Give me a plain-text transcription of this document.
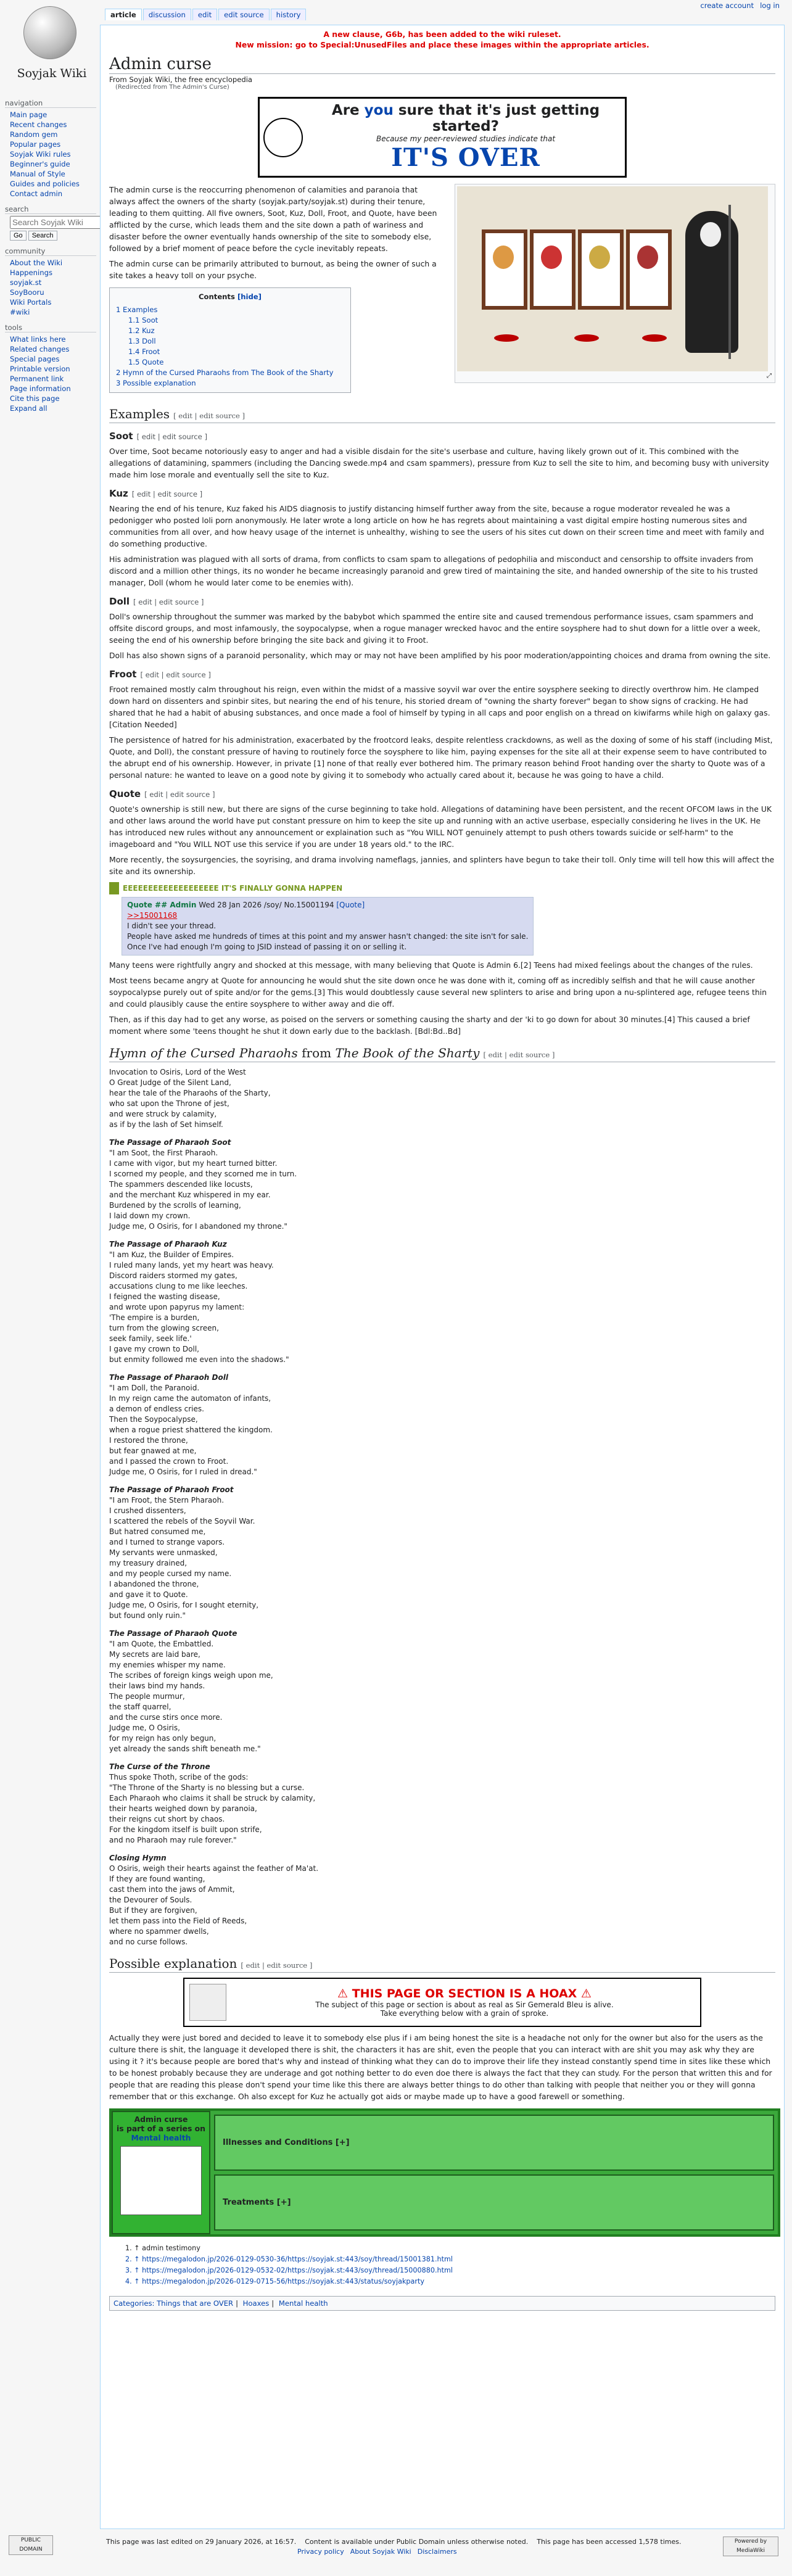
Soyjak Wiki
create account log in
article	discussion	edit	edit source	history
navigation
Main page
Recent changes
Random gem
Popular pages
Soyjak Wiki rules
Beginner's guide
Manual of Style
Guides and policies
Contact admin
search
Search Soyjak Wiki
Go	Search
community
About the Wiki
Happenings
soyjak.st
SoyBooru
Wiki Portals
#wiki
tools
What links here
Related changes
Special pages
Printable version
Permanent link
Page information
Cite this page
Expand all
A new clause, G6b, has been added to the wiki ruleset.
New mission: go to Special:UnusedFiles and place these images within the appropriate articles.
Admin curse
From Soyjak Wiki, the free encyclopedia
(Redirected from The Admin's Curse)
Are you sure that it's just getting started?
Because my peer-reviewed studies indicate that
IT'S OVER
⤢

The admin curse is the reoccurring phenomenon of calamities and paranoia that always affect the owners of the sharty (soyjak.party/soyjak.st) during their tenure, leading to them quitting. All five owners, Soot, Kuz, Doll, Froot, and Quote, have been afflicted by the curse, which leads them and the site down a path of wariness and disaster before the owner eventually hands ownership of the site to somebody else, followed by a brief moment of peace before the cycle inevitably repeats.

The admin curse can be primarily attributed to burnout, as being the owner of such a site takes a heavy toll on your psyche.

Contents [hide]
1 Examples
1.1 Soot
1.2 Kuz
1.3 Doll
1.4 Froot
1.5 Quote
2 Hymn of the Cursed Pharaohs from The Book of the Sharty
3 Possible explanation
Examples [ edit | edit source ]
Soot [ edit | edit source ]

Over time, Soot became notoriously easy to anger and had a visible disdain for the site's userbase and culture, having likely grown out of it. This combined with the allegations of datamining, spammers (including the Dancing swede.mp4 and csam spammers), pressure from Kuz to sell the site to him, and becoming busy with university made him lose morale and eventually sell the site to Kuz.

Kuz [ edit | edit source ]

Nearing the end of his tenure, Kuz faked his AIDS diagnosis to justify distancing himself further away from the site, because a rogue moderator revealed he was a pedonigger who posted loli porn anonymously. He later wrote a long article on how he has regrets about maintaining a vast digital empire hosting numerous sites and communities from all over, and how heavy usage of the internet is unhealthy, wishing to see the users of his sites cut down on their screen time and meet with family and do something productive.

His administration was plagued with all sorts of drama, from conflicts to csam spam to allegations of pedophilia and misconduct and censorship to offsite invaders from discord and a million other things, its no wonder he became increasingly paranoid and grew tired of maintaining the site, and handed ownership of the site to his trusted manager, Doll (whom he would later come to be enemies with).

Doll [ edit | edit source ]

Doll's ownership throughout the summer was marked by the babybot which spammed the entire site and caused tremendous performance issues, csam spammers and offsite discord groups, and most infamously, the soypocalypse, when a rogue manager wrecked havoc and the entire soysphere had to shut down for a little over a week, seeing the end of his ownership before bringing the site back and giving it to Froot.

Doll has also shown signs of a paranoid personality, which may or may not have been amplified by his poor moderation/appointing choices and drama from owning the site.

Froot [ edit | edit source ]

Froot remained mostly calm throughout his reign, even within the midst of a massive soyvil war over the entire soysphere seeking to directly overthrow him. He clamped down hard on dissenters and spinbir sites, but nearing the end of his tenure, his storied dream of "owning the sharty forever" began to show signs of cracking. He had shared that he had a habit of abusing substances, and once made a fool of himself by typing in all caps and poor english on a thread on kiwifarms while high on galaxy gas. [Citation Needed]

The persistence of hatred for his administration, exacerbated by the frootcord leaks, despite relentless crackdowns, as well as the doxing of some of his staff (including Mist, Quote, and Doll), the constant pressure of having to routinely force the soysphere to like him, paying expenses for the site all at their expense seem to have contributed to the abrupt end of his ownership. However, in private [1] none of that really ever bothered him. The primary reason behind Froot handing over the sharty to Quote was of a personal nature: he wanted to leave on a good note by giving it to somebody who actually cared about it, because he was going to have a child.

Quote [ edit | edit source ]

Quote's ownership is still new, but there are signs of the curse beginning to take hold. Allegations of datamining have been persistent, and the recent OFCOM laws in the UK and other laws around the world have put constant pressure on him to keep the site up and running with an active userbase, especially considering he lives in the UK. He has introduced new rules without any announcement or explaination such as "You WILL NOT genuinely attempt to push others towards suicide or self-harm" to the imageboard and "You WILL NOT use this service if you are under 18 years old." to the IRC.

More recently, the soysurgencies, the soyrising, and drama involving nameflags, jannies, and splinters have begun to take their toll. Only time will tell how this will affect the site and its ownership.

EEEEEEEEEEEEEEEEEEE IT'S FINALLY GONNA HAPPEN
Quote ## Admin Wed 28 Jan 2026 /soy/ No.15001194 [Quote]
>>15001168
I didn't see your thread.
People have asked me hundreds of times at this point and my answer hasn't changed: the site isn't for sale.
Once I've had enough I'm going to JSID instead of passing it on or selling it.

Many teens were rightfully angry and shocked at this message, with many believing that Quote is Admin 6.[2] Teens had mixed feelings about the changes of the rules.

Most teens became angry at Quote for announcing he would shut the site down once he was done with it, coming off as incredibly selfish and that he will cause another soypocalypse purely out of spite and/or for the gems.[3] This would doubtlessly cause several new splinters to arise and bring upon a nu-splintered age, refugee teens thin and could plausibly cause the entire soysphere to wither away and die off.

Then, as if this day had to get any worse, as poised on the servers or something causing the sharty and der 'ki to go down for about 30 minutes.[4] This caused a brief moment where some 'teens thought he shut it down early due to the backlash. [Bdl:Bd..Bd]

Hymn of the Cursed Pharaohs from The Book of the Sharty [ edit | edit source ]
Invocation to Osiris, Lord of the West
O Great Judge of the Silent Land,
hear the tale of the Pharaohs of the Sharty,
who sat upon the Throne of jest,
and were struck by calamity,
as if by the lash of Set himself.
The Passage of Pharaoh Soot
"I am Soot, the First Pharaoh.
I came with vigor, but my heart turned bitter.
I scorned my people, and they scorned me in turn.
The spammers descended like locusts,
and the merchant Kuz whispered in my ear.
Burdened by the scrolls of learning,
I laid down my crown.
Judge me, O Osiris, for I abandoned my throne."
The Passage of Pharaoh Kuz
"I am Kuz, the Builder of Empires.
I ruled many lands, yet my heart was heavy.
Discord raiders stormed my gates,
accusations clung to me like leeches.
I feigned the wasting disease,
and wrote upon papyrus my lament:
'The empire is a burden,
turn from the glowing screen,
seek family, seek life.'
I gave my crown to Doll,
but enmity followed me even into the shadows."
The Passage of Pharaoh Doll
"I am Doll, the Paranoid.
In my reign came the automaton of infants,
a demon of endless cries.
Then the Soypocalypse,
when a rogue priest shattered the kingdom.
I restored the throne,
but fear gnawed at me,
and I passed the crown to Froot.
Judge me, O Osiris, for I ruled in dread."
The Passage of Pharaoh Froot
"I am Froot, the Stern Pharaoh.
I crushed dissenters,
I scattered the rebels of the Soyvil War.
But hatred consumed me,
and I turned to strange vapors.
My servants were unmasked,
my treasury drained,
and my people cursed my name.
I abandoned the throne,
and gave it to Quote.
Judge me, O Osiris, for I sought eternity,
but found only ruin."
The Passage of Pharaoh Quote
"I am Quote, the Embattled.
My secrets are laid bare,
my enemies whisper my name.
The scribes of foreign kings weigh upon me,
their laws bind my hands.
The people murmur,
the staff quarrel,
and the curse stirs once more.
Judge me, O Osiris,
for my reign has only begun,
yet already the sands shift beneath me."
The Curse of the Throne
Thus spoke Thoth, scribe of the gods:
"The Throne of the Sharty is no blessing but a curse.
Each Pharaoh who claims it shall be struck by calamity,
their hearts weighed down by paranoia,
their reigns cut short by chaos.
For the kingdom itself is built upon strife,
and no Pharaoh may rule forever."
Closing Hymn
O Osiris, weigh their hearts against the feather of Ma'at.
If they are found wanting,
cast them into the jaws of Ammit,
the Devourer of Souls.
But if they are forgiven,
let them pass into the Field of Reeds,
where no spammer dwells,
and no curse follows.
Possible explanation [ edit | edit source ]
⚠ THIS PAGE OR SECTION IS A HOAX ⚠
The subject of this page or section is about as real as Sir Gemerald Bleu is alive.
Take everything below with a grain of sproke.

Actually they were just bored and decided to leave it to somebody else plus if i am being honest the site is a headache not only for the owner but also for the users as the culture there is shit, the language it developed there is shit, the characters it has are shit, even the people that you can interact with are shit you may ask why they are using it ? it's because people are bored that's why and instead of thinking what they can do to improve their life they instead constantly spend time in sites like these which to be honest probably because they are underage and got nothing better to do even doe there is always the fact that they can study. For the person that written this and for people that are reading this please don't spend your time like this there are always better things to do other than talking with people that neither you or they will gonna remember that or this exchange. Oh also except for Kuz he actually got aids or maybe made up to have a good farewell or something.

Admin curse
is part of a series on
Mental health
Illnesses and Conditions [+]
Treatments [+]
1. ↑ admin testimony
2. ↑ https://megalodon.jp/2026-0129-0530-36/https://soyjak.st:443/soy/thread/15001381.html
3. ↑ https://megalodon.jp/2026-0129-0532-02/https://soyjak.st:443/soy/thread/15000880.html
4. ↑ https://megalodon.jp/2026-0129-0715-56/https://soyjak.st:443/status/soyjakparty
Categories: Things that are OVER | Hoaxes | Mental health
PUBLIC DOMAIN
This page was last edited on 29 January 2026, at 16:57. Content is available under Public Domain unless otherwise noted. This page has been accessed 1,578 times.
Privacy policy About Soyjak Wiki Disclaimers
Powered by MediaWiki
